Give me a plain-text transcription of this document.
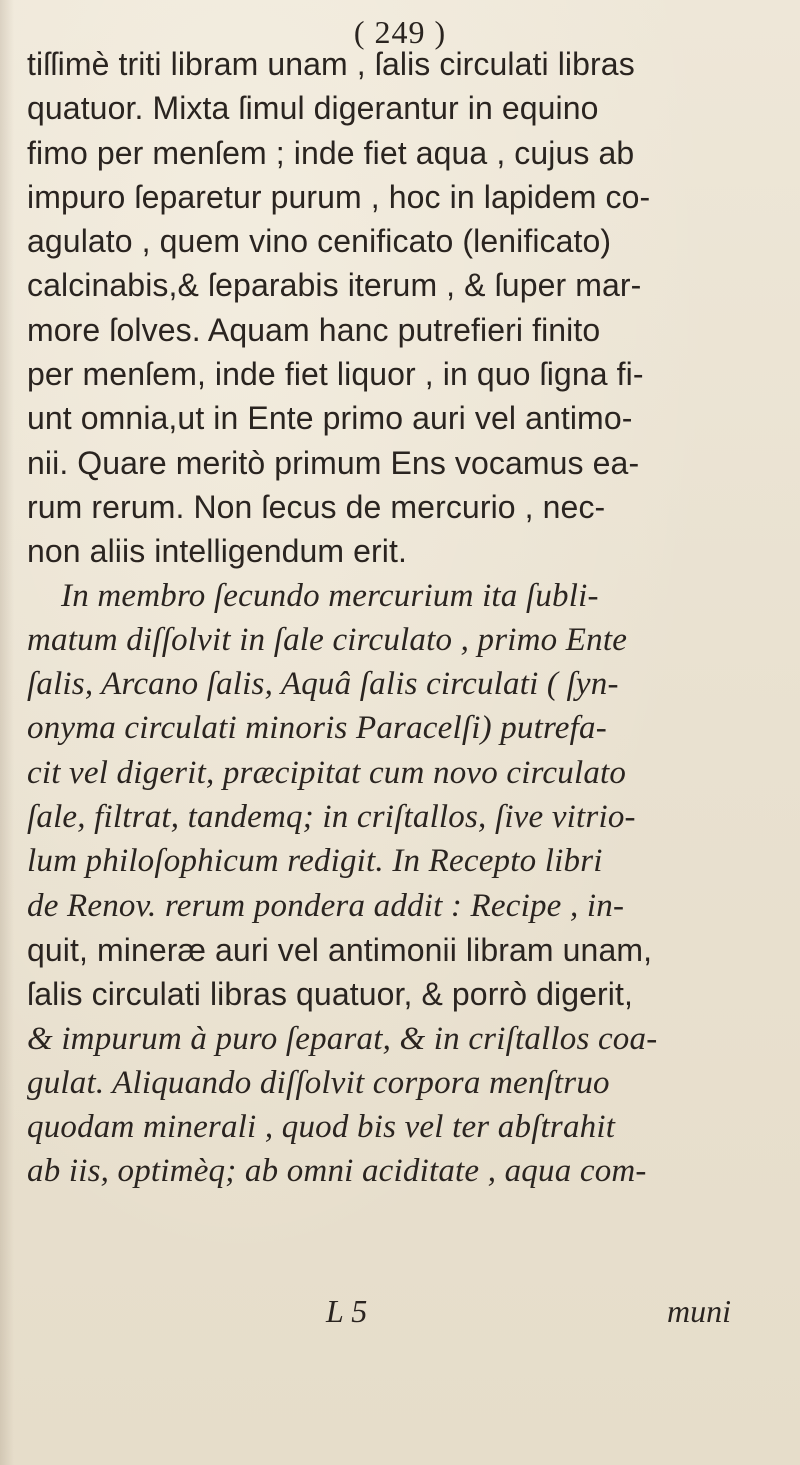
( 249 )
tiſſimè triti libram unam , ſalis circulati libras
quatuor. Mixta ſimul digerantur in equino
fimo per menſem ; inde fiet aqua , cujus ab
impuro ſeparetur purum , hoc in lapidem co-
agulato , quem vino cenificato (lenificato)
calcinabis,& ſeparabis iterum , & ſuper mar-
more ſolves. Aquam hanc putrefieri finito
per menſem, inde fiet liquor , in quo ſigna fi-
unt omnia,ut in Ente primo auri vel antimo-
nii. Quare meritò primum Ens vocamus ea-
rum rerum. Non ſecus de mercurio , nec-
non aliis intelligendum erit.
In membro ſecundo mercurium ita ſubli-
matum diſſolvit in ſale circulato , primo Ente
ſalis, Arcano ſalis, Aquâ ſalis circulati ( ſyn-
onyma circulati minoris Paracelſi) putrefa-
cit vel digerit, præcipitat cum novo circulato
ſale, filtrat, tandemq; in criſtallos, ſive vitrio-
lum philoſophicum redigit. In Recepto libri
de Renov. rerum pondera addit : Recipe , in-
quit, mineræ auri vel antimonii libram unam,
ſalis circulati libras quatuor, & porrò digerit,
& impurum à puro ſeparat, & in criſtallos coa-
gulat. Aliquando diſſolvit corpora menſtruo
quodam minerali , quod bis vel ter abſtrahit
ab iis, optimèq; ab omni aciditate , aqua com-
L 5	muni
